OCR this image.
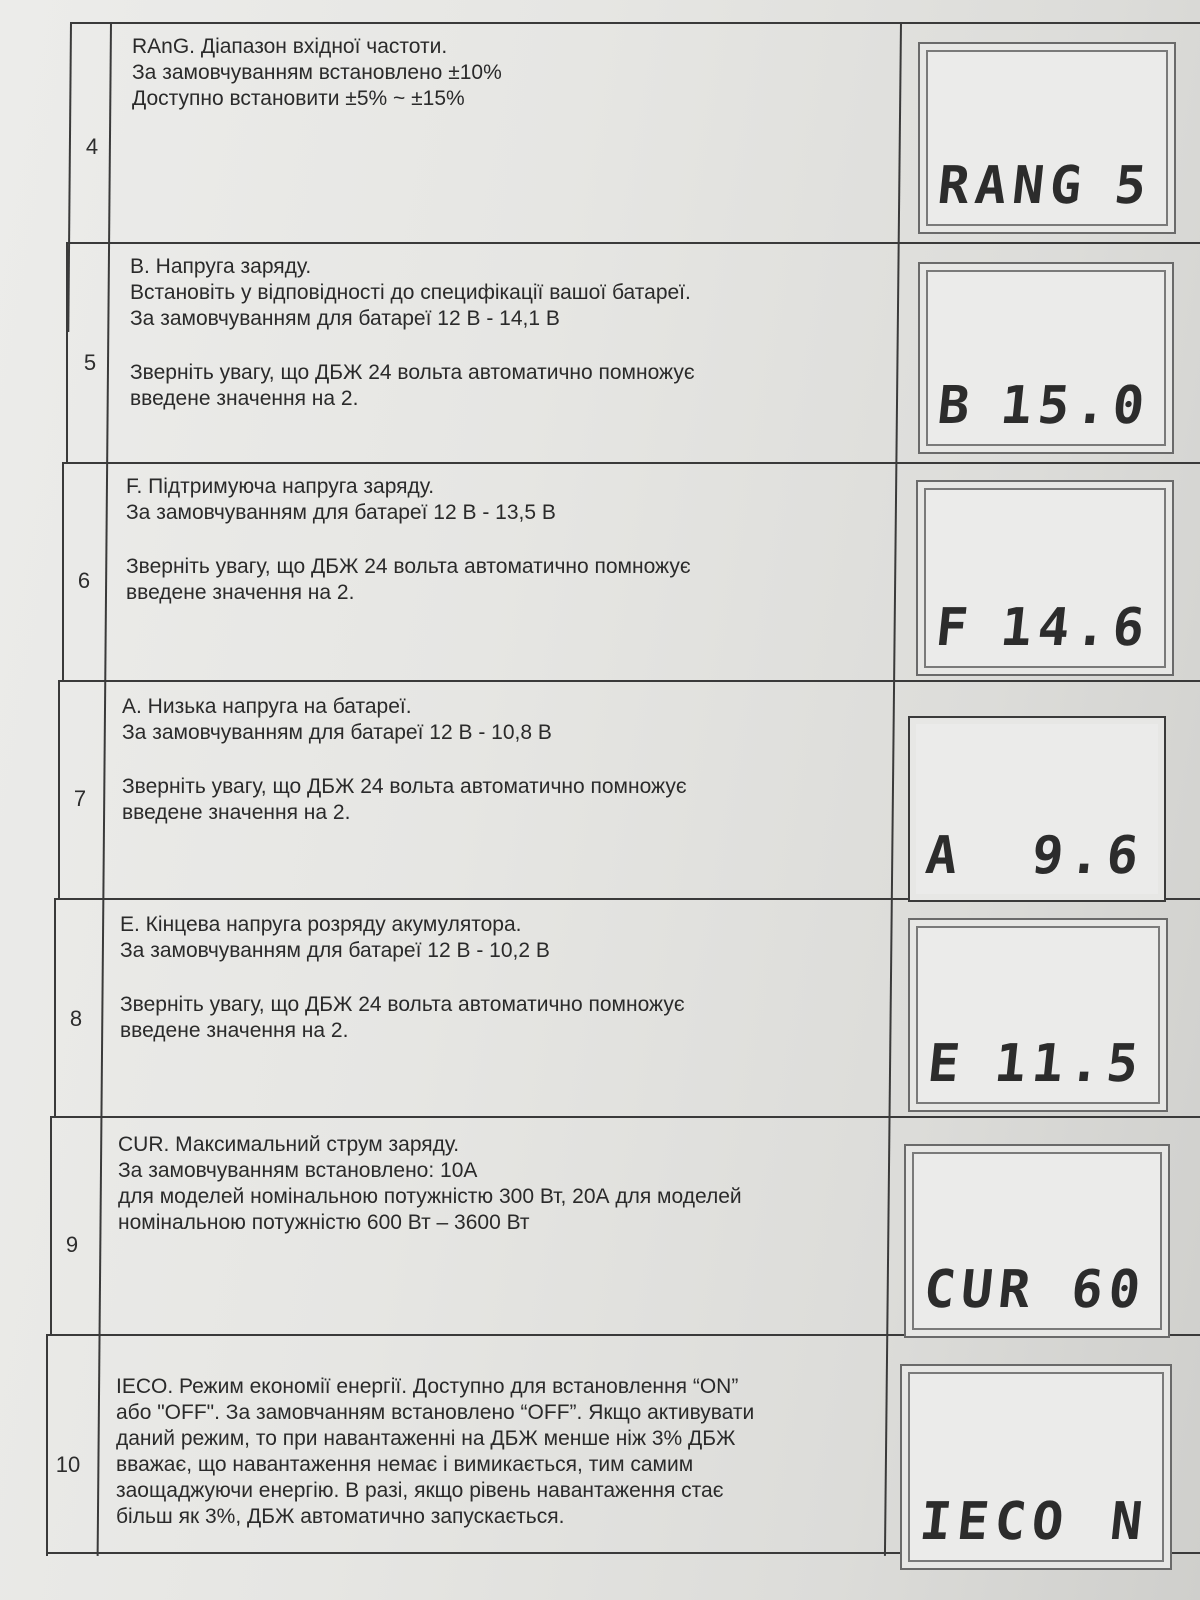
4

RAnG. Діапазон вхідної частоти.

За замовчуванням встановлено ±10%

Доступно встановити ±5% ~ ±15%

RANG 5
5

В. Напруга заряду.

Встановіть у відповідності до специфікації вашої батареї.

За замовчуванням для батареї 12 В - 14,1 В

Зверніть увагу, що ДБЖ 24 вольта автоматично помножує

введене значення на 2.	B 15.0
6

F. Підтримуюча напруга заряду.

За замовчуванням для батареї 12 В - 13,5 В

Зверніть увагу, що ДБЖ 24 вольта автоматично помножує

введене значення на 2.

F 14.6
7

А. Низька напруга на батареї.

За замовчуванням для батареї 12 В - 10,8 В

Зверніть увагу, що ДБЖ 24 вольта автоматично помножує

введене значення на 2.

A 9.6
8

Е. Кінцева напруга розряду акумулятора.

За замовчуванням для батареї 12 В - 10,2 В

Зверніть увагу, що ДБЖ 24 вольта автоматично помножує

введене значення на 2.

E 11.5
9

CUR. Максимальний струм заряду.

За замовчуванням встановлено: 10А

для моделей номінальною потужністю 300 Вт, 20А для моделей

номінальною потужністю 600 Вт – 3600 Вт

CUR 60
10

IECO. Режим економії енергії. Доступно для встановлення “ON”

або "OFF". За замовчанням встановлено “OFF”. Якщо активувати

даний режим, то при навантаженні на ДБЖ менше ніж 3% ДБЖ

вважає, що навантаження немає і вимикається, тим самим

заощаджуючи енергію. В разі, якщо рівень навантаження стає

більш як 3%, ДБЖ автоматично запускається.	IECO N
